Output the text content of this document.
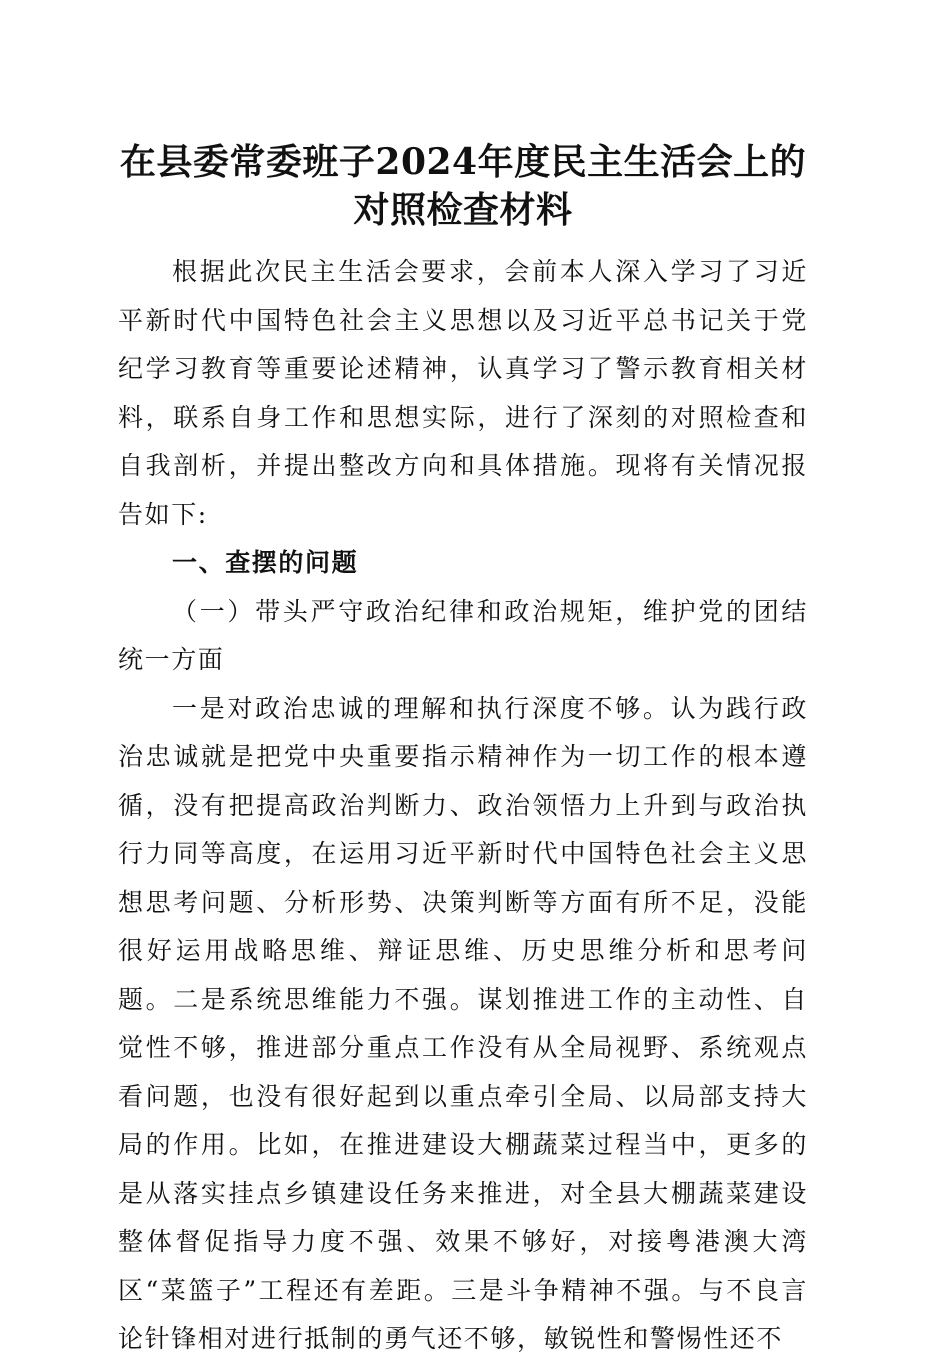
在县委常委班子2024年度民主生活会上的对照检查材料

根据此次民主生活会要求，会前本人深入学习了习近平新时代中国特色社会主义思想以及习近平总书记关于党纪学习教育等重要论述精神，认真学习了警示教育相关材料，联系自身工作和思想实际，进行了深刻的对照检查和自我剖析，并提出整改方向和具体措施。现将有关情况报告如下:

一、查摆的问题

（一）带头严守政治纪律和政治规矩，维护党的团结统一方面

一是对政治忠诚的理解和执行深度不够。认为践行政治忠诚就是把党中央重要指示精神作为一切工作的根本遵循，没有把提高政治判断力、政治领悟力上升到与政治执行力同等高度，在运用习近平新时代中国特色社会主义思想思考问题、分析形势、决策判断等方面有所不足，没能很好运用战略思维、辩证思维、历史思维分析和思考问题。二是系统思维能力不强。谋划推进工作的主动性、自觉性不够，推进部分重点工作没有从全局视野、系统观点看问题，也没有很好起到以重点牵引全局、以局部支持大局的作用。比如，在推进建设大棚蔬菜过程当中，更多的是从落实挂点乡镇建设任务来推进，对全县大棚蔬菜建设整体督促指导力度不强、效果不够好，对接粤港澳大湾区“菜篮子”工程还有差距。三是斗争精神不强。与不良言论针锋相对进行抵制的勇气还不够，敏锐性和警惕性还不
